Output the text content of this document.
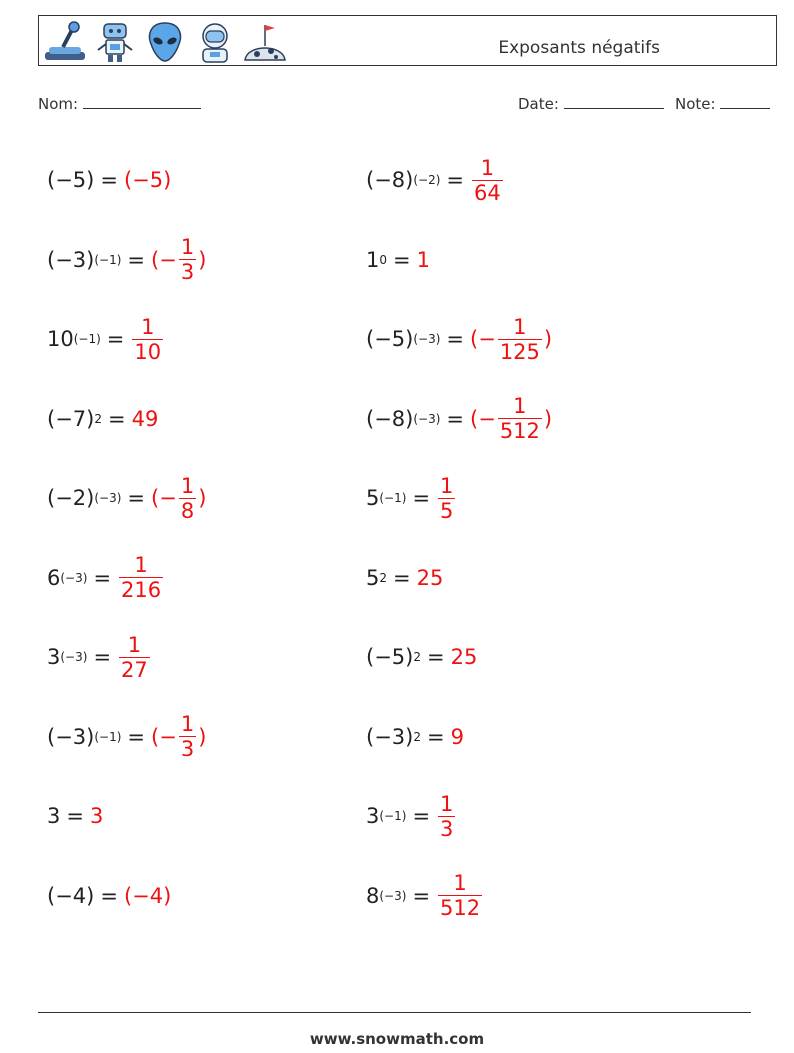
Exposants négatifs
Nom:	Date:	Note:
(−5) = (−5)	(−8) $(-2) = \frac{1}{64}$
(−3) (−1) = (− $\frac{1}{3}$ )	1 0 = 1
10 $(-1) = \frac{1}{10}$	(−5) (−3) = (− $\frac{1}{125}$ )
(−7) 2 = 49	(−8) (−3) = (− $\frac{1}{512}$ )
(−2) (−3) = (− $\frac{1}{8}$ )	5 $(-1) = \frac{1}{5}$
6 $(-3) = \frac{1}{216}$	5 2 = 25
3 $(-3) = \frac{1}{27}$	(−5) 2 = 25
(−3) (−1) = (− $\frac{1}{3}$ )	(−3) 2 = 9
3 = 3	3 $(-1) = \frac{1}{3}$
(−4) = (−4)	8 $(-3) = \frac{1}{512}$
www.snowmath.com
